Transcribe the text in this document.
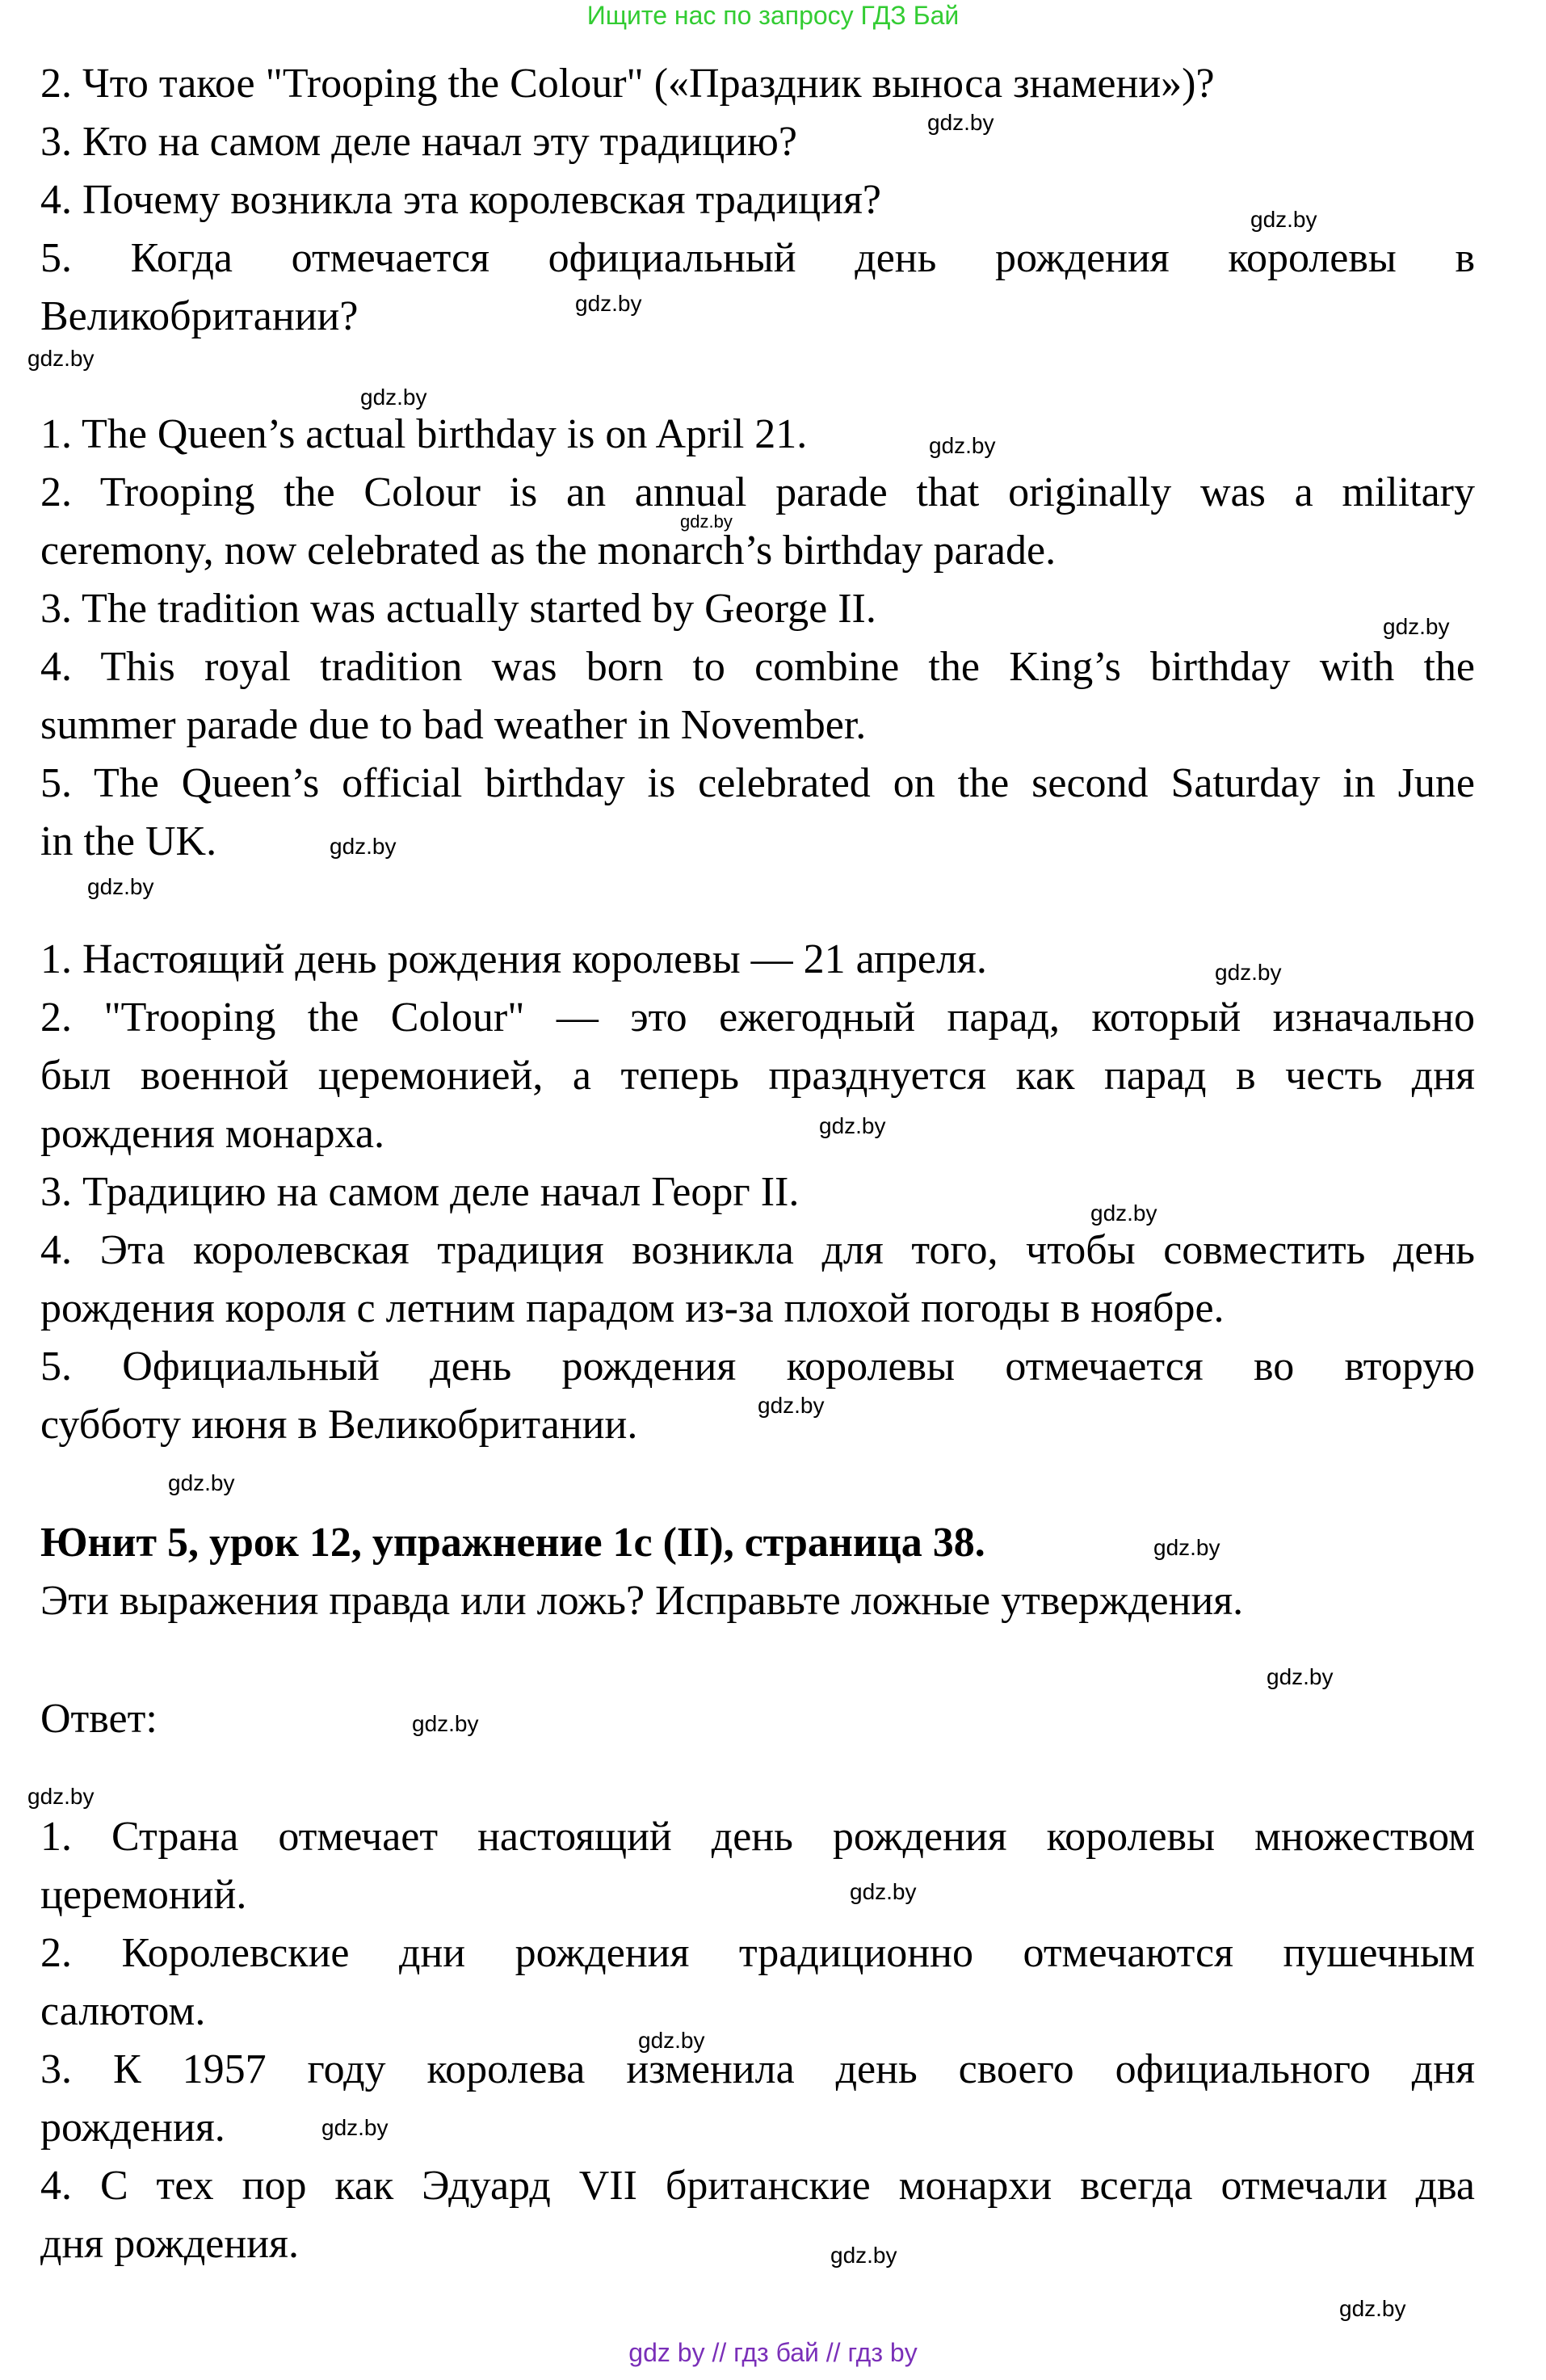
Ищите нас по запросу ГДЗ Бай
2. Что такое "Trooping the Colour" («Праздник выноса знамени»)?
3. Кто на самом деле начал эту традицию?
4. Почему возникла эта королевская традиция?
5. Когда отмечается официальный день рождения королевы в
Великобритании?
1. The Queen’s actual birthday is on April 21.
2. Trooping the Colour is an annual parade that originally was a military
ceremony, now celebrated as the monarch’s birthday parade.
3. The tradition was actually started by George II.
4. This royal tradition was born to combine the King’s birthday with the
summer parade due to bad weather in November.
5. The Queen’s official birthday is celebrated on the second Saturday in June
in the UK.
1. Настоящий день рождения королевы — 21 апреля.
2. "Trooping the Colour" — это ежегодный парад, который изначально
был военной церемонией, а теперь празднуется как парад в честь дня
рождения монарха.
3. Традицию на самом деле начал Георг II.
4. Эта королевская традиция возникла для того, чтобы совместить день
рождения короля с летним парадом из-за плохой погоды в ноябре.
5. Официальный день рождения королевы отмечается во вторую
субботу июня в Великобритании.
Юнит 5, урок 12, упражнение 1с (II), страница 38.
Эти выражения правда или ложь? Исправьте ложные утверждения.
Ответ:
1. Страна отмечает настоящий день рождения королевы множеством
церемоний.
2. Королевские дни рождения традиционно отмечаются пушечным
салютом.
3. К 1957 году королева изменила день своего официального дня
рождения.
4. С тех пор как Эдуард VII британские монархи всегда отмечали два
дня рождения.
gdz.by
gdz.by
gdz.by
gdz.by
gdz.by
gdz.by
gdz.by
gdz.by
gdz.by
gdz.by
gdz.by
gdz.by
gdz.by
gdz.by
gdz.by
gdz.by
gdz.by
gdz.by
gdz.by
gdz.by
gdz.by
gdz.by
gdz.by
gdz.by
gdz by // гдз бай // гдз by
